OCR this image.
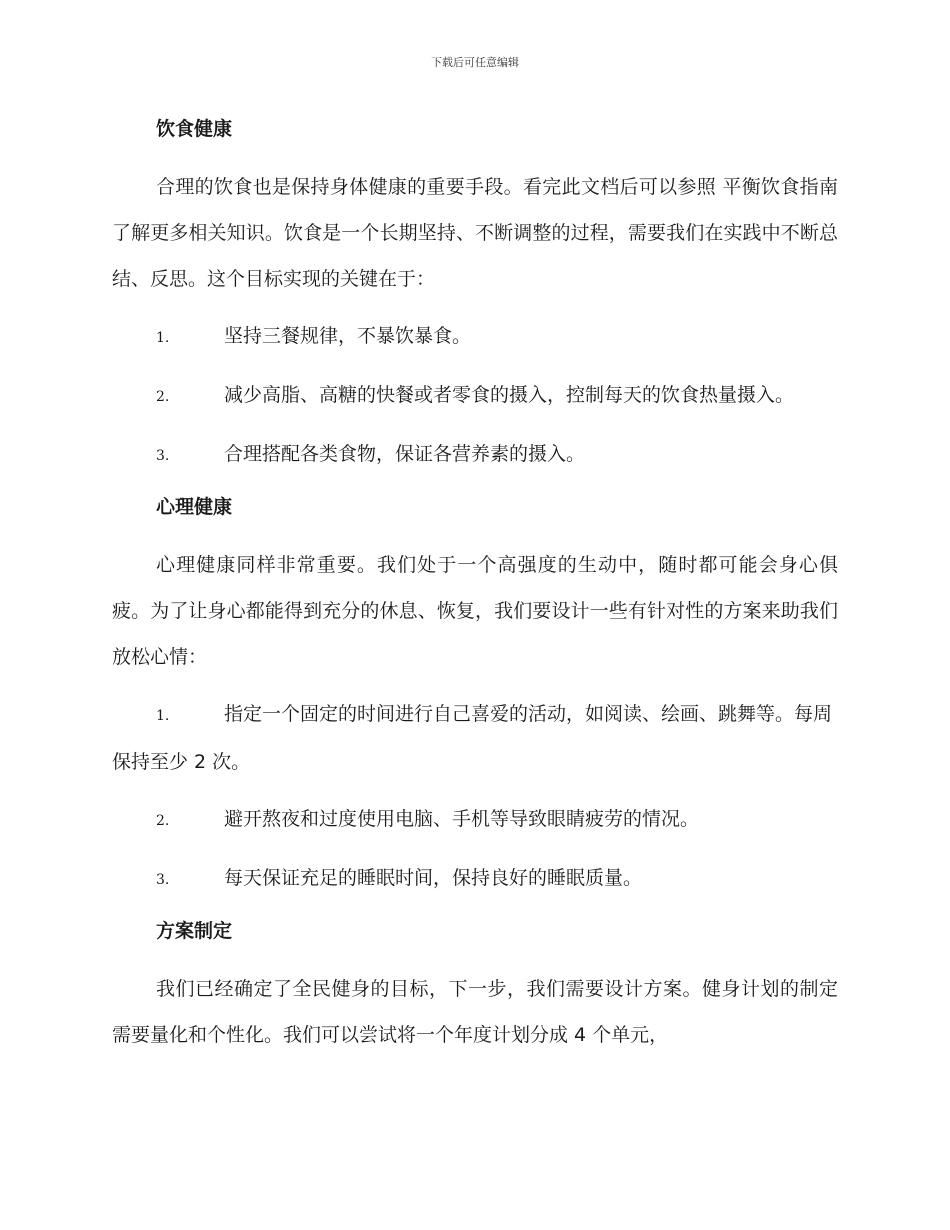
下载后可任意编辑
饮食健康

合理的饮食也是保持身体健康的重要手段。看完此文档后可以参照 平衡饮食指南 了解更多相关知识。饮食是一个长期坚持、不断调整的过程，需要我们在实践中不断总结、反思。这个目标实现的关键在于：

1.	坚持三餐规律，不暴饮暴食。
2.	减少高脂、高糖的快餐或者零食的摄入，控制每天的饮食热量摄入。
3.	合理搭配各类食物，保证各营养素的摄入。
心理健康

心理健康同样非常重要。我们处于一个高强度的生动中，随时都可能会身心俱疲。为了让身心都能得到充分的休息、恢复，我们要设计一些有针对性的方案来助我们放松心情：

1.	指定一个固定的时间进行自己喜爱的活动，如阅读、绘画、跳舞等。每周保持至少 2 次。
2.	避开熬夜和过度使用电脑、手机等导致眼睛疲劳的情况。
3.	每天保证充足的睡眠时间，保持良好的睡眠质量。
方案制定

我们已经确定了全民健身的目标，下一步，我们需要设计方案。健身计划的制定需要量化和个性化。我们可以尝试将一个年度计划分成 4 个单元，
